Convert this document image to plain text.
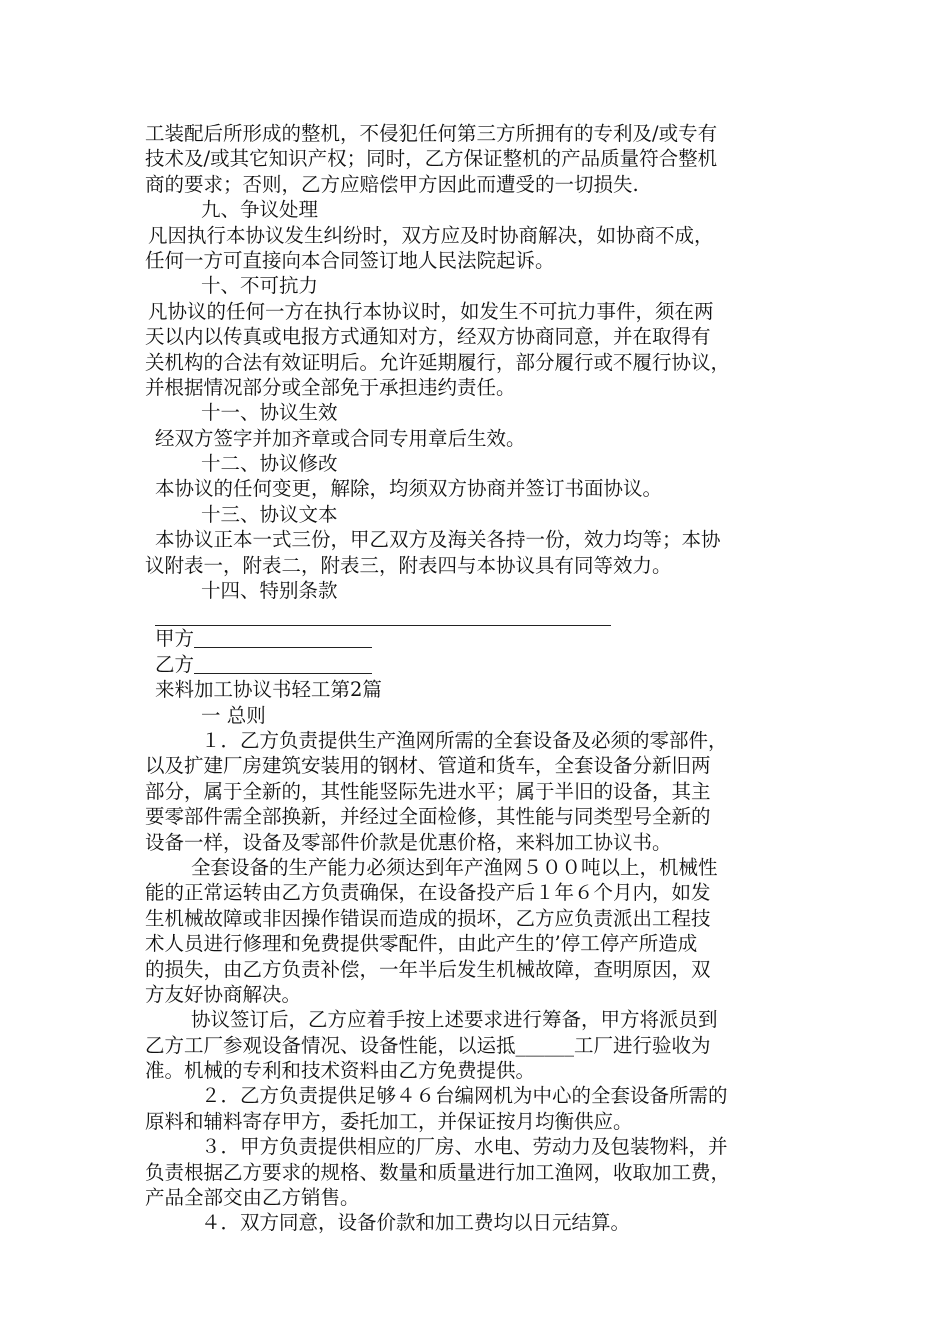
工装配后所形成的整机，不侵犯任何第三方所拥有的专利及/或专有
技术及/或其它知识产权；同时，乙方保证整机的产品质量符合整机
商的要求；否则，乙方应赔偿甲方因此而遭受的一切损失.
九、争议处理
凡因执行本协议发生纠纷时，双方应及时协商解决，如协商不成，
任何一方可直接向本合同签订地人民法院起诉。
十、不可抗力
凡协议的任何一方在执行本协议时，如发生不可抗力事件，须在两
天以内以传真或电报方式通知对方，经双方协商同意，并在取得有
关机构的合法有效证明后。允许延期履行，部分履行或不履行协议，
并根据情况部分或全部免于承担违约责任。
十一、协议生效
经双方签字并加齐章或合同专用章后生效。
十二、协议修改
本协议的任何变更，解除，均须双方协商并签订书面协议。
十三、协议文本
本协议正本一式三份，甲乙双方及海关各持一份，效力均等；本协
议附表一，附表二，附表三，附表四与本协议具有同等效力。
十四、特别条款
甲方
乙方
来料加工协议书轻工第2篇
一 总则
１．乙方负责提供生产渔网所需的全套设备及必须的零部件，
以及扩建厂房建筑安装用的钢材、管道和货车，全套设备分新旧两
部分，属于全新的，其性能竖际先进水平；属于半旧的设备，其主
要零部件需全部换新，并经过全面检修，其性能与同类型号全新的
设备一样，设备及零部件价款是优惠价格，来料加工协议书。
全套设备的生产能力必须达到年产渔网５００吨以上，机械性
能的正常运转由乙方负责确保，在设备投产后１年６个月内，如发
生机械故障或非因操作错误而造成的损坏，乙方应负责派出工程技
术人员进行修理和免费提供零配件，由此产生的’停工停产所造成
的损失，由乙方负责补偿，一年半后发生机械故障，查明原因，双
方友好协商解决。
协议签订后，乙方应着手按上述要求进行筹备，甲方将派员到
乙方工厂参观设备情况、设备性能，以运抵______工厂进行验收为
准。机械的专利和技术资料由乙方免费提供。
２．乙方负责提供足够４６台编网机为中心的全套设备所需的
原料和辅料寄存甲方，委托加工，并保证按月均衡供应。
３．甲方负责提供相应的厂房、水电、劳动力及包装物料，并
负责根据乙方要求的规格、数量和质量进行加工渔网，收取加工费，
产品全部交由乙方销售。
４．双方同意，设备价款和加工费均以日元结算。
